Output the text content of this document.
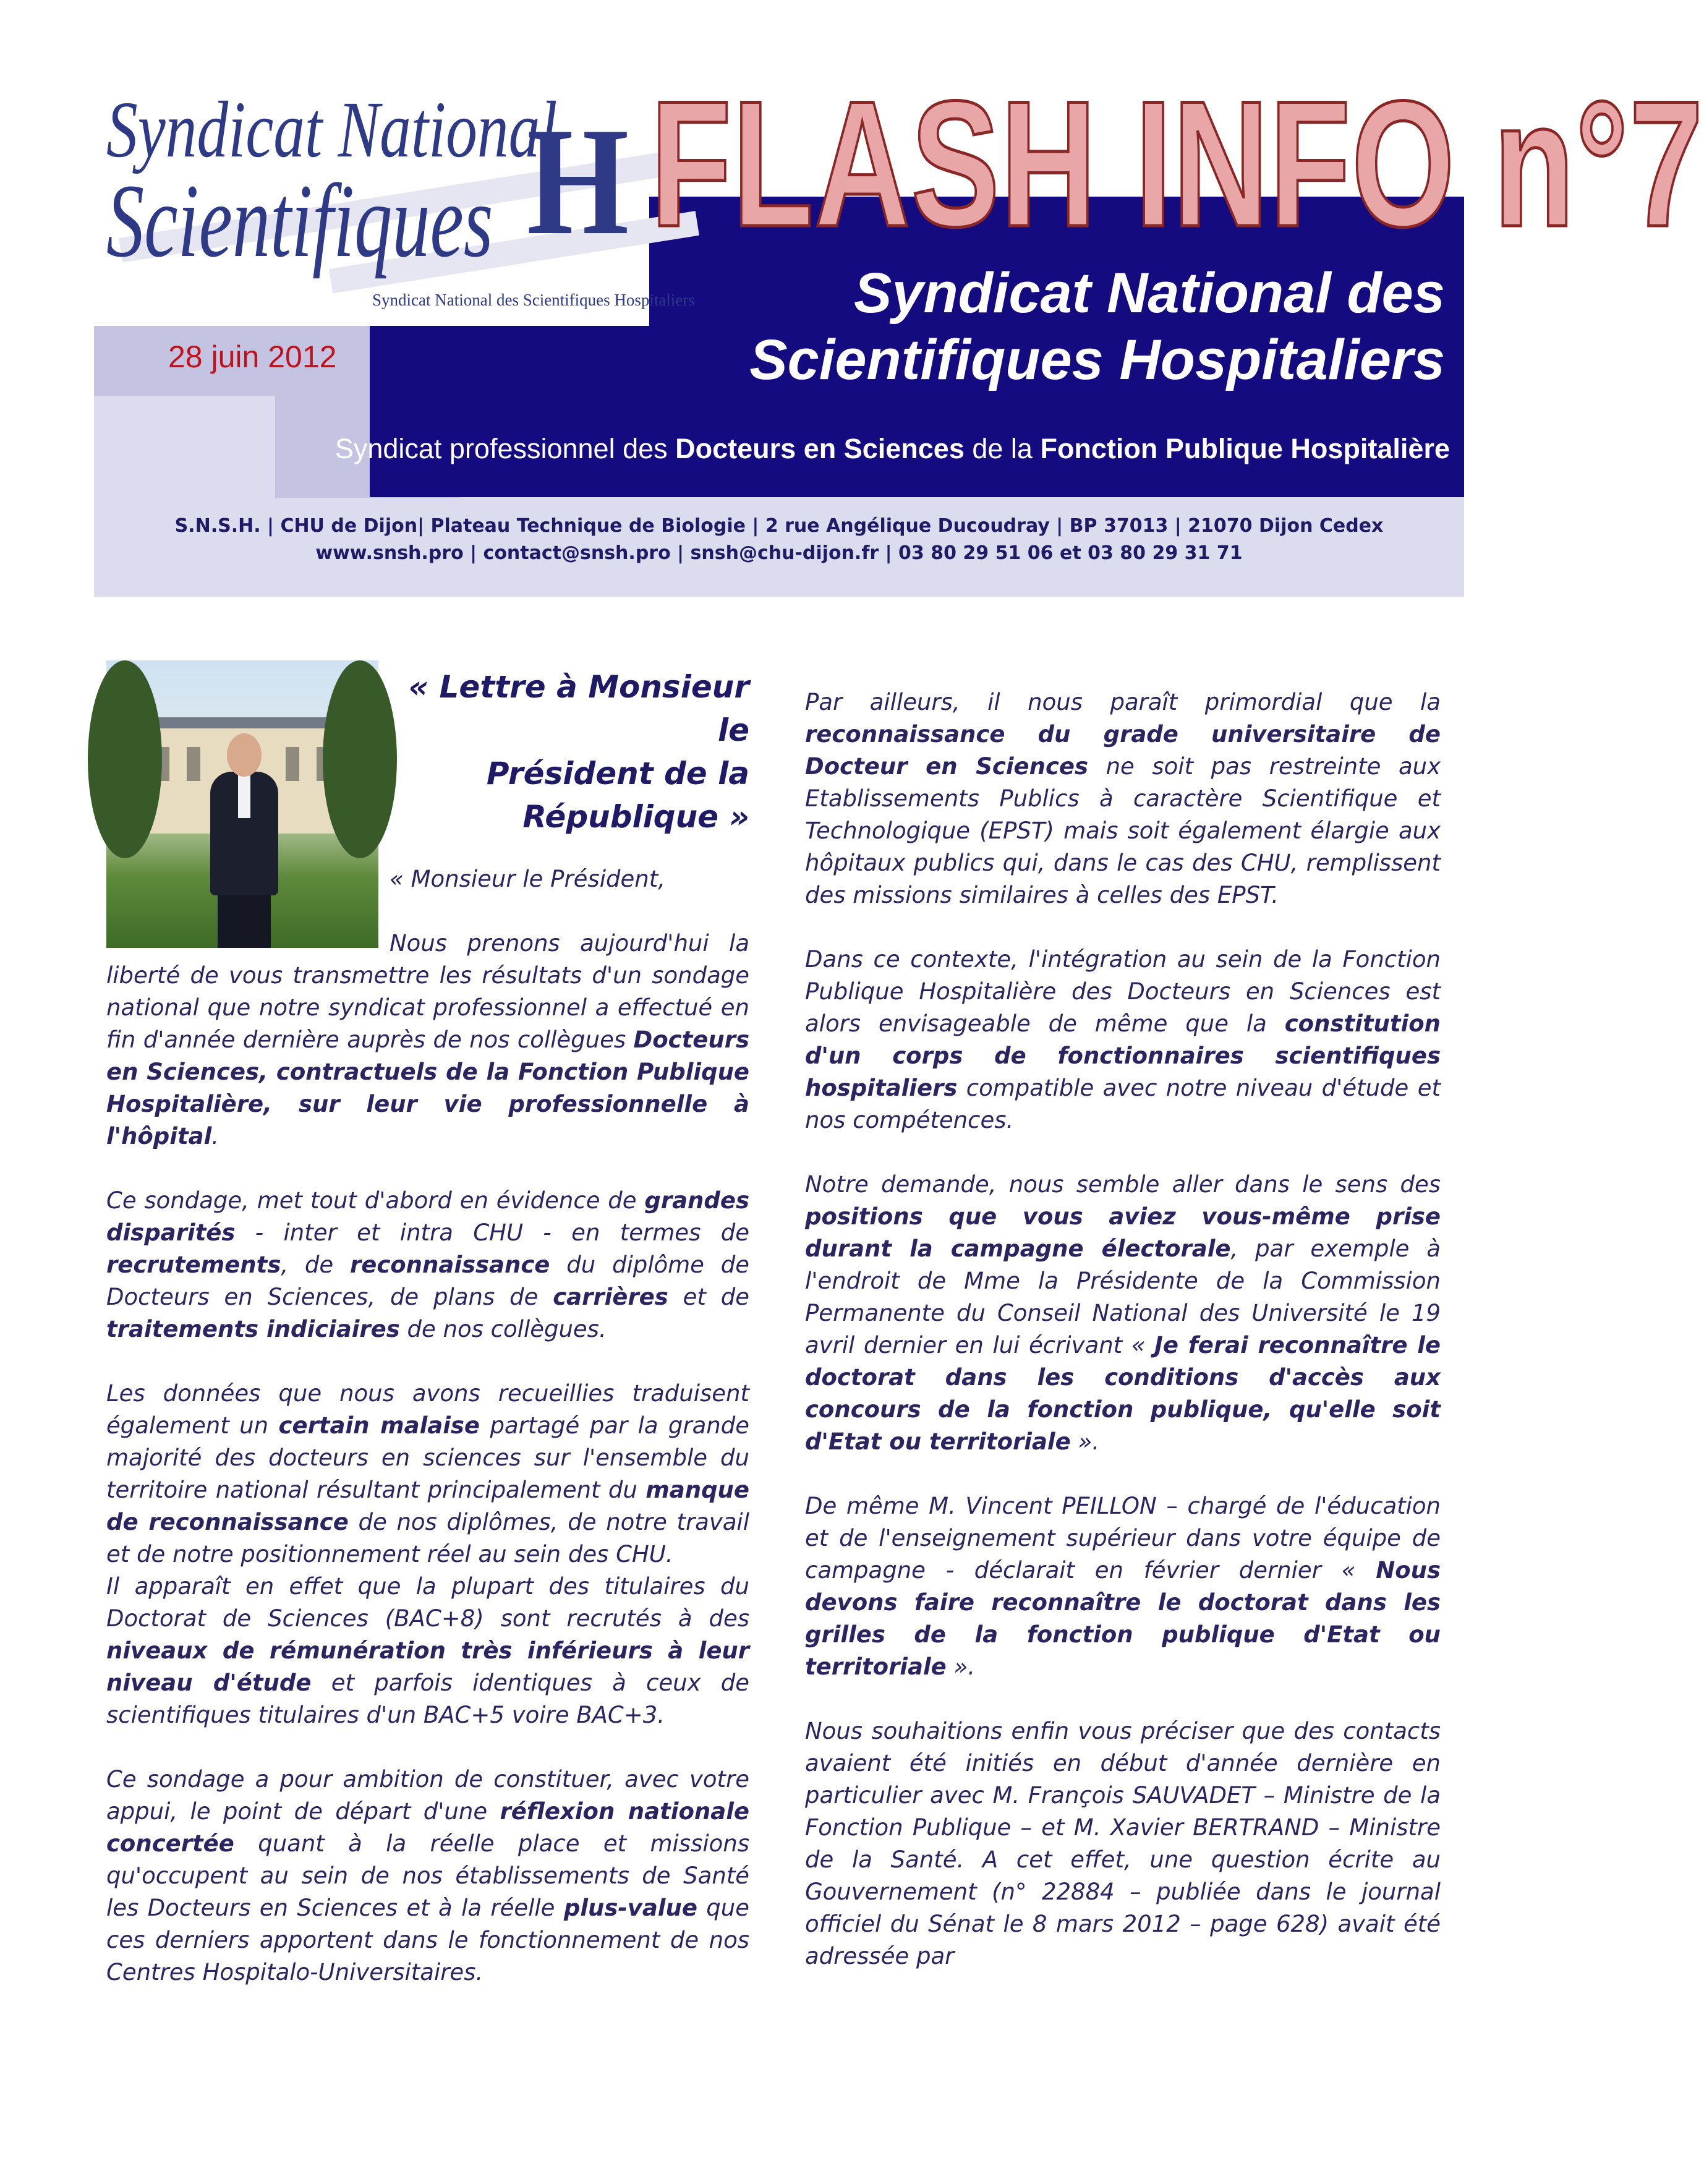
Syndicat National
Scientifiques H
Syndicat National des Scientifiques Hospitaliers
FLASH INFO n°7
Syndicat National des
Scientifiques Hospitaliers
Syndicat professionnel des Docteurs en Sciences de la Fonction Publique Hospitalière
28 juin 2012
S.N.S.H. | CHU de Dijon| Plateau Technique de Biologie | 2 rue Angélique Ducoudray | BP 37013 | 21070 Dijon Cedex
www.snsh.pro | contact@snsh.pro | snsh@chu-dijon.fr | 03 80 29 51 06 et 03 80 29 31 71
« Lettre à Monsieur le
Président de la
République »

« Monsieur le Président,

Nous prenons aujourd'hui la liberté de vous transmettre les résultats d'un sondage national que notre syndicat professionnel a effectué en fin d'année dernière auprès de nos collègues Docteurs en Sciences, contractuels de la Fonction Publique Hospitalière, sur leur vie professionnelle à l'hôpital.

Ce sondage, met tout d'abord en évidence de grandes disparités - inter et intra CHU - en termes de recrutements, de reconnaissance du diplôme de Docteurs en Sciences, de plans de carrières et de traitements indiciaires de nos collègues.

Les données que nous avons recueillies traduisent également un certain malaise partagé par la grande majorité des docteurs en sciences sur l'ensemble du territoire national résultant principalement du manque de reconnaissance de nos diplômes, de notre travail et de notre positionnement réel au sein des CHU.

Il apparaît en effet que la plupart des titulaires du Doctorat de Sciences (BAC+8) sont recrutés à des niveaux de rémunération très inférieurs à leur niveau d'étude et parfois identiques à ceux de scientifiques titulaires d'un BAC+5 voire BAC+3.

Ce sondage a pour ambition de constituer, avec votre appui, le point de départ d'une réflexion nationale concertée quant à la réelle place et missions qu'occupent au sein de nos établissements de Santé les Docteurs en Sciences et à la réelle plus-value que ces derniers apportent dans le fonctionnement de nos Centres Hospitalo-Universitaires.

Par ailleurs, il nous paraît primordial que la reconnaissance du grade universitaire de Docteur en Sciences ne soit pas restreinte aux Etablissements Publics à caractère Scientifique et Technologique (EPST) mais soit également élargie aux hôpitaux publics qui, dans le cas des CHU, remplissent des missions similaires à celles des EPST.

Dans ce contexte, l'intégration au sein de la Fonction Publique Hospitalière des Docteurs en Sciences est alors envisageable de même que la constitution d'un corps de fonctionnaires scientifiques hospitaliers compatible avec notre niveau d'étude et nos compétences.

Notre demande, nous semble aller dans le sens des positions que vous aviez vous-même prise durant la campagne électorale, par exemple à l'endroit de Mme la Présidente de la Commission Permanente du Conseil National des Université le 19 avril dernier en lui écrivant « Je ferai reconnaître le doctorat dans les conditions d'accès aux concours de la fonction publique, qu'elle soit d'Etat ou territoriale ».

De même M. Vincent PEILLON – chargé de l'éducation et de l'enseignement supérieur dans votre équipe de campagne - déclarait en février dernier « Nous devons faire reconnaître le doctorat dans les grilles de la fonction publique d'Etat ou territoriale ».

Nous souhaitions enfin vous préciser que des contacts avaient été initiés en début d'année dernière en particulier avec M. François SAUVADET – Ministre de la Fonction Publique – et M. Xavier BERTRAND – Ministre de la Santé. A cet effet, une question écrite au Gouvernement (n° 22884 – publiée dans le journal officiel du Sénat le 8 mars 2012 – page 628) avait été adressée par
